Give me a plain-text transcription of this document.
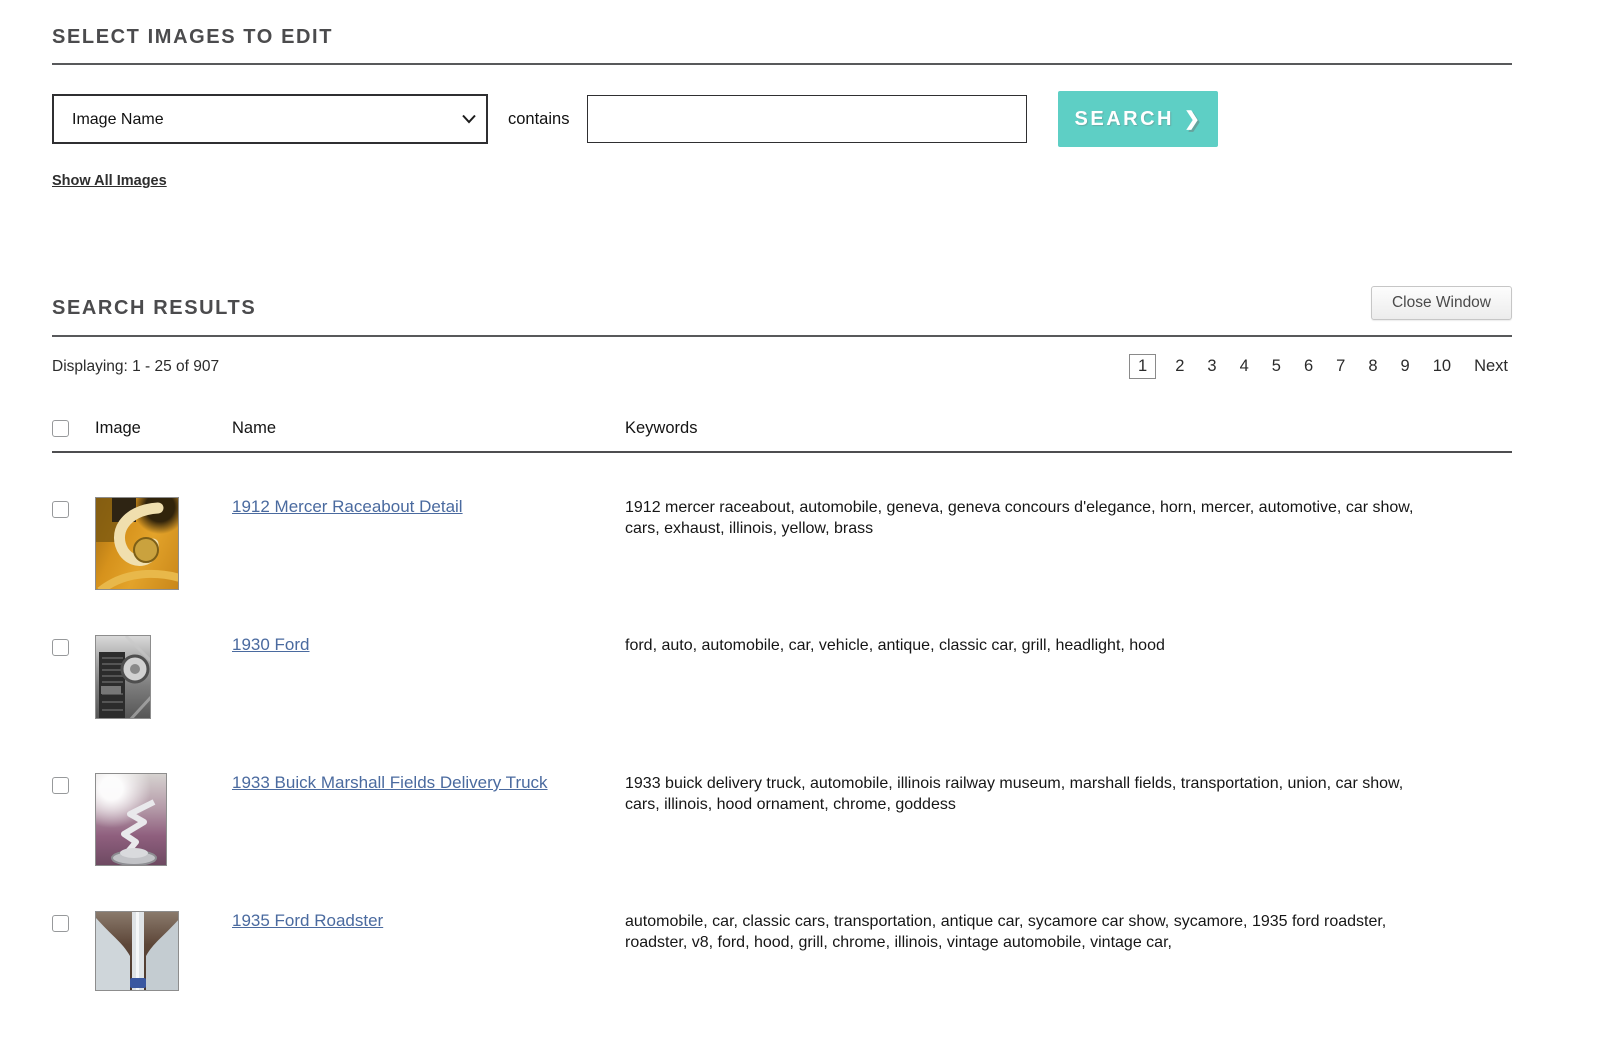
SELECT IMAGES TO EDIT
Image Name
contains	SEARCH ❯
Show All Images
SEARCH RESULTS	Close Window
Displaying: 1 - 25 of 907	1	2 3 4 5 6 7 8 9 10 Next
Image	Name	Keywords
1912 Mercer Raceabout Detail	1912 mercer raceabout, automobile, geneva, geneva concours d'elegance, horn, mercer, automotive, car show, cars, exhaust, illinois, yellow, brass
1930 Ford	ford, auto, automobile, car, vehicle, antique, classic car, grill, headlight, hood
1933 Buick Marshall Fields Delivery Truck	1933 buick delivery truck, automobile, illinois railway museum, marshall fields, transportation, union, car show, cars, illinois, hood ornament, chrome, goddess
1935 Ford Roadster	automobile, car, classic cars, transportation, antique car, sycamore car show, sycamore, 1935 ford roadster, roadster, v8, ford, hood, grill, chrome, illinois, vintage automobile, vintage car,
